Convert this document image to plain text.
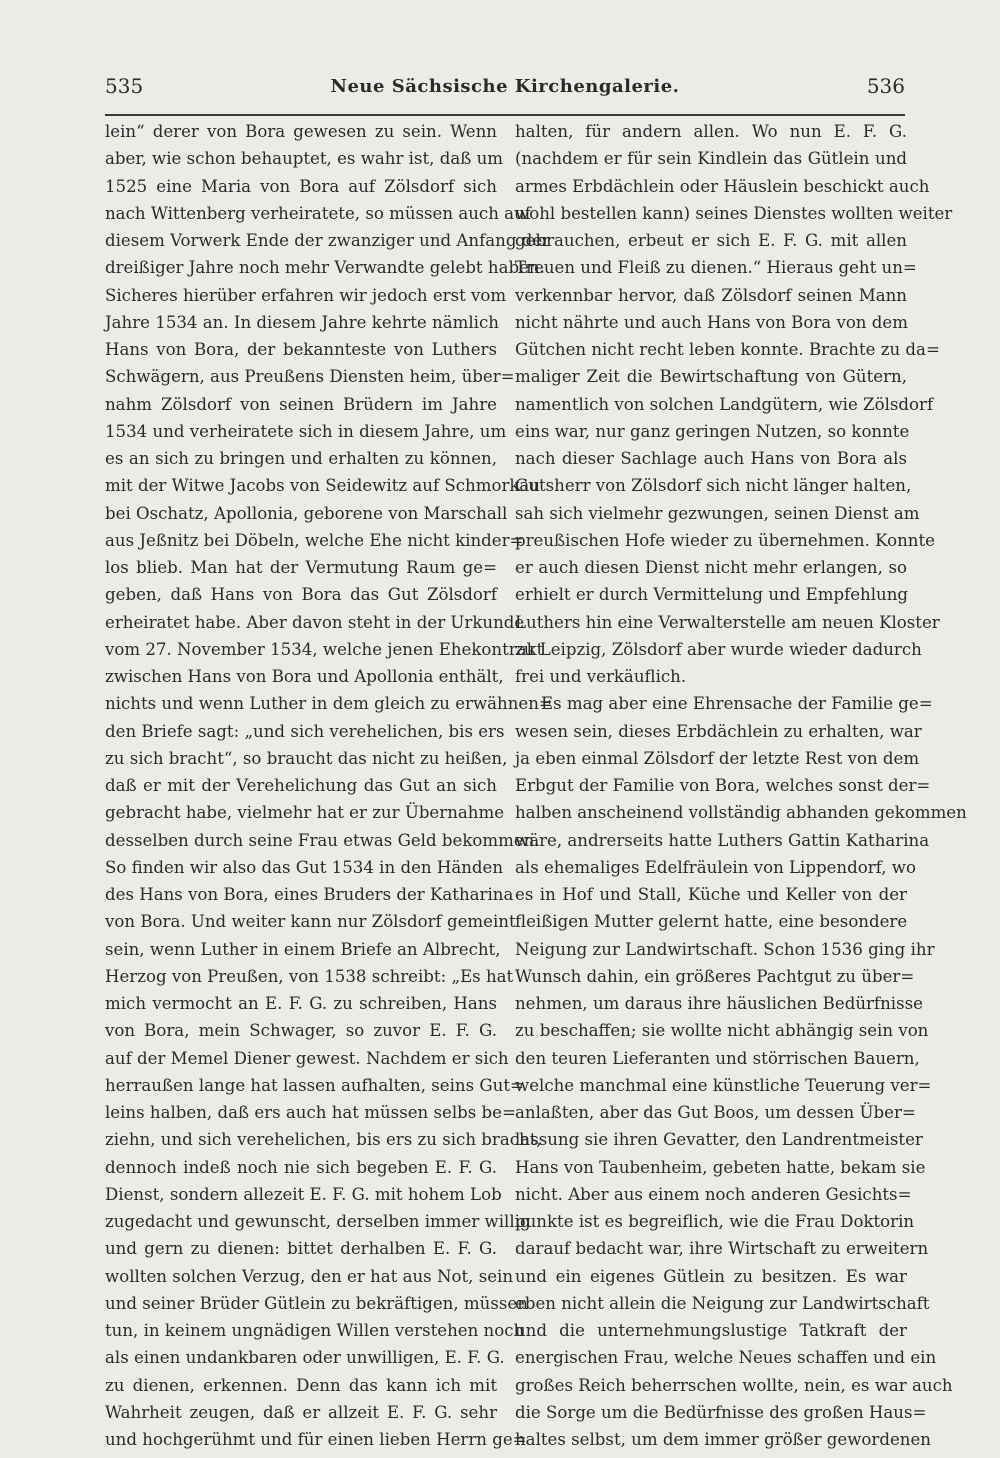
535	Neue Sächsische Kirchengalerie.	536
lein“ derer von Bora gewesen zu sein. Wenn
aber, wie schon behauptet, es wahr ist, daß um
1525 eine Maria von Bora auf Zölsdorf sich
nach Wittenberg verheiratete, so müssen auch auf
diesem Vorwerk Ende der zwanziger und Anfang der
dreißiger Jahre noch mehr Verwandte gelebt haben.
Sicheres hierüber erfahren wir jedoch erst vom
Jahre 1534 an. In diesem Jahre kehrte nämlich
Hans von Bora, der bekannteste von Luthers
Schwägern, aus Preußens Diensten heim, über=
nahm Zölsdorf von seinen Brüdern im Jahre
1534 und verheiratete sich in diesem Jahre, um
es an sich zu bringen und erhalten zu können,
mit der Witwe Jacobs von Seidewitz auf Schmorkau
bei Oschatz, Apollonia, geborene von Marschall
aus Jeßnitz bei Döbeln, welche Ehe nicht kinder=
los blieb. Man hat der Vermutung Raum ge=
geben, daß Hans von Bora das Gut Zölsdorf
erheiratet habe. Aber davon steht in der Urkunde
vom 27. November 1534, welche jenen Ehekontrakt
zwischen Hans von Bora und Apollonia enthält,
nichts und wenn Luther in dem gleich zu erwähnen=
den Briefe sagt: „und sich verehelichen, bis ers
zu sich bracht“, so braucht das nicht zu heißen,
daß er mit der Verehelichung das Gut an sich
gebracht habe, vielmehr hat er zur Übernahme
desselben durch seine Frau etwas Geld bekommen.
So finden wir also das Gut 1534 in den Händen
des Hans von Bora, eines Bruders der Katharina
von Bora. Und weiter kann nur Zölsdorf gemeint
sein, wenn Luther in einem Briefe an Albrecht,
Herzog von Preußen, von 1538 schreibt: „Es hat
mich vermocht an E. F. G. zu schreiben, Hans
von Bora, mein Schwager, so zuvor E. F. G.
auf der Memel Diener gewest. Nachdem er sich
herraußen lange hat lassen aufhalten, seins Gut=
leins halben, daß ers auch hat müssen selbs be=
ziehn, und sich verehelichen, bis ers zu sich bracht,
dennoch indeß noch nie sich begeben E. F. G.
Dienst, sondern allezeit E. F. G. mit hohem Lob
zugedacht und gewunscht, derselben immer willig
und gern zu dienen: bittet derhalben E. F. G.
wollten solchen Verzug, den er hat aus Not, sein
und seiner Brüder Gütlein zu bekräftigen, müssen
tun, in keinem ungnädigen Willen verstehen noch
als einen undankbaren oder unwilligen, E. F. G.
zu dienen, erkennen. Denn das kann ich mit
Wahrheit zeugen, daß er allzeit E. F. G. sehr
und hochgerühmt und für einen lieben Herrn ge=
halten, für andern allen. Wo nun E. F. G.
(nachdem er für sein Kindlein das Gütlein und
armes Erbdächlein oder Häuslein beschickt auch
wohl bestellen kann) seines Dienstes wollten weiter
gebrauchen, erbeut er sich E. F. G. mit allen
Treuen und Fleiß zu dienen.“ Hieraus geht un=
verkennbar hervor, daß Zölsdorf seinen Mann
nicht nährte und auch Hans von Bora von dem
Gütchen nicht recht leben konnte. Brachte zu da=
maliger Zeit die Bewirtschaftung von Gütern,
namentlich von solchen Landgütern, wie Zölsdorf
eins war, nur ganz geringen Nutzen, so konnte
nach dieser Sachlage auch Hans von Bora als
Gutsherr von Zölsdorf sich nicht länger halten,
sah sich vielmehr gezwungen, seinen Dienst am
preußischen Hofe wieder zu übernehmen. Konnte
er auch diesen Dienst nicht mehr erlangen, so
erhielt er durch Vermittelung und Empfehlung
Luthers hin eine Verwalterstelle am neuen Kloster
zu Leipzig, Zölsdorf aber wurde wieder dadurch
frei und verkäuflich.
Es mag aber eine Ehrensache der Familie ge=
wesen sein, dieses Erbdächlein zu erhalten, war
ja eben einmal Zölsdorf der letzte Rest von dem
Erbgut der Familie von Bora, welches sonst der=
halben anscheinend vollständig abhanden gekommen
wäre, andrerseits hatte Luthers Gattin Katharina
als ehemaliges Edelfräulein von Lippendorf, wo
es in Hof und Stall, Küche und Keller von der
fleißigen Mutter gelernt hatte, eine besondere
Neigung zur Landwirtschaft. Schon 1536 ging ihr
Wunsch dahin, ein größeres Pachtgut zu über=
nehmen, um daraus ihre häuslichen Bedürfnisse
zu beschaffen; sie wollte nicht abhängig sein von
den teuren Lieferanten und störrischen Bauern,
welche manchmal eine künstliche Teuerung ver=
anlaßten, aber das Gut Boos, um dessen Über=
lassung sie ihren Gevatter, den Landrentmeister
Hans von Taubenheim, gebeten hatte, bekam sie
nicht. Aber aus einem noch anderen Gesichts=
punkte ist es begreiflich, wie die Frau Doktorin
darauf bedacht war, ihre Wirtschaft zu erweitern
und ein eigenes Gütlein zu besitzen. Es war
eben nicht allein die Neigung zur Landwirtschaft
und die unternehmungslustige Tatkraft der
energischen Frau, welche Neues schaffen und ein
großes Reich beherrschen wollte, nein, es war auch
die Sorge um die Bedürfnisse des großen Haus=
haltes selbst, um dem immer größer gewordenen
